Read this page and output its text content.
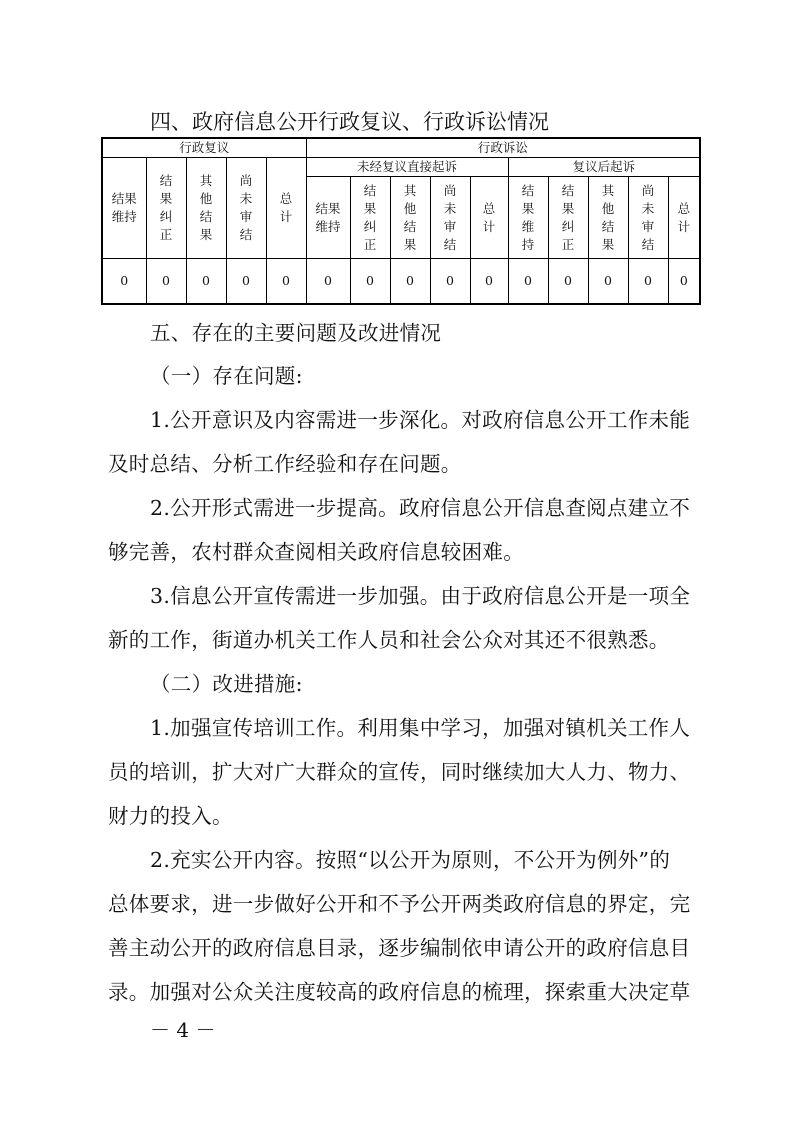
四、政府信息公开行政复议、行政诉讼情况
行政复议					行政诉讼									

结果维持	结果纠正	其他结果	尚未审结	总计	未经复议直接起诉					复议后起诉				

					结果维持	结果纠正	其他结果	尚未审结	总计	结果维持	结果纠正	其他结果	尚未审结	总计

0	0	0	0	0	0	0	0	0	0	0	0	0	0	0
五、存在的主要问题及改进情况
（一）存在问题:
1.公开意识及内容需进一步深化。对政府信息公开工作未能
及时总结、分析工作经验和存在问题。
2.公开形式需进一步提高。政府信息公开信息查阅点建立不
够完善，农村群众查阅相关政府信息较困难。
3.信息公开宣传需进一步加强。由于政府信息公开是一项全
新的工作，街道办机关工作人员和社会公众对其还不很熟悉。
（二）改进措施:
1.加强宣传培训工作。利用集中学习，加强对镇机关工作人
员的培训，扩大对广大群众的宣传，同时继续加大人力、物力、
财力的投入。
2.充实公开内容。按照“以公开为原则，不公开为例外”的
总体要求，进一步做好公开和不予公开两类政府信息的界定，完
善主动公开的政府信息目录，逐步编制依申请公开的政府信息目
录。加强对公众关注度较高的政府信息的梳理，探索重大决定草
－ 4 －
